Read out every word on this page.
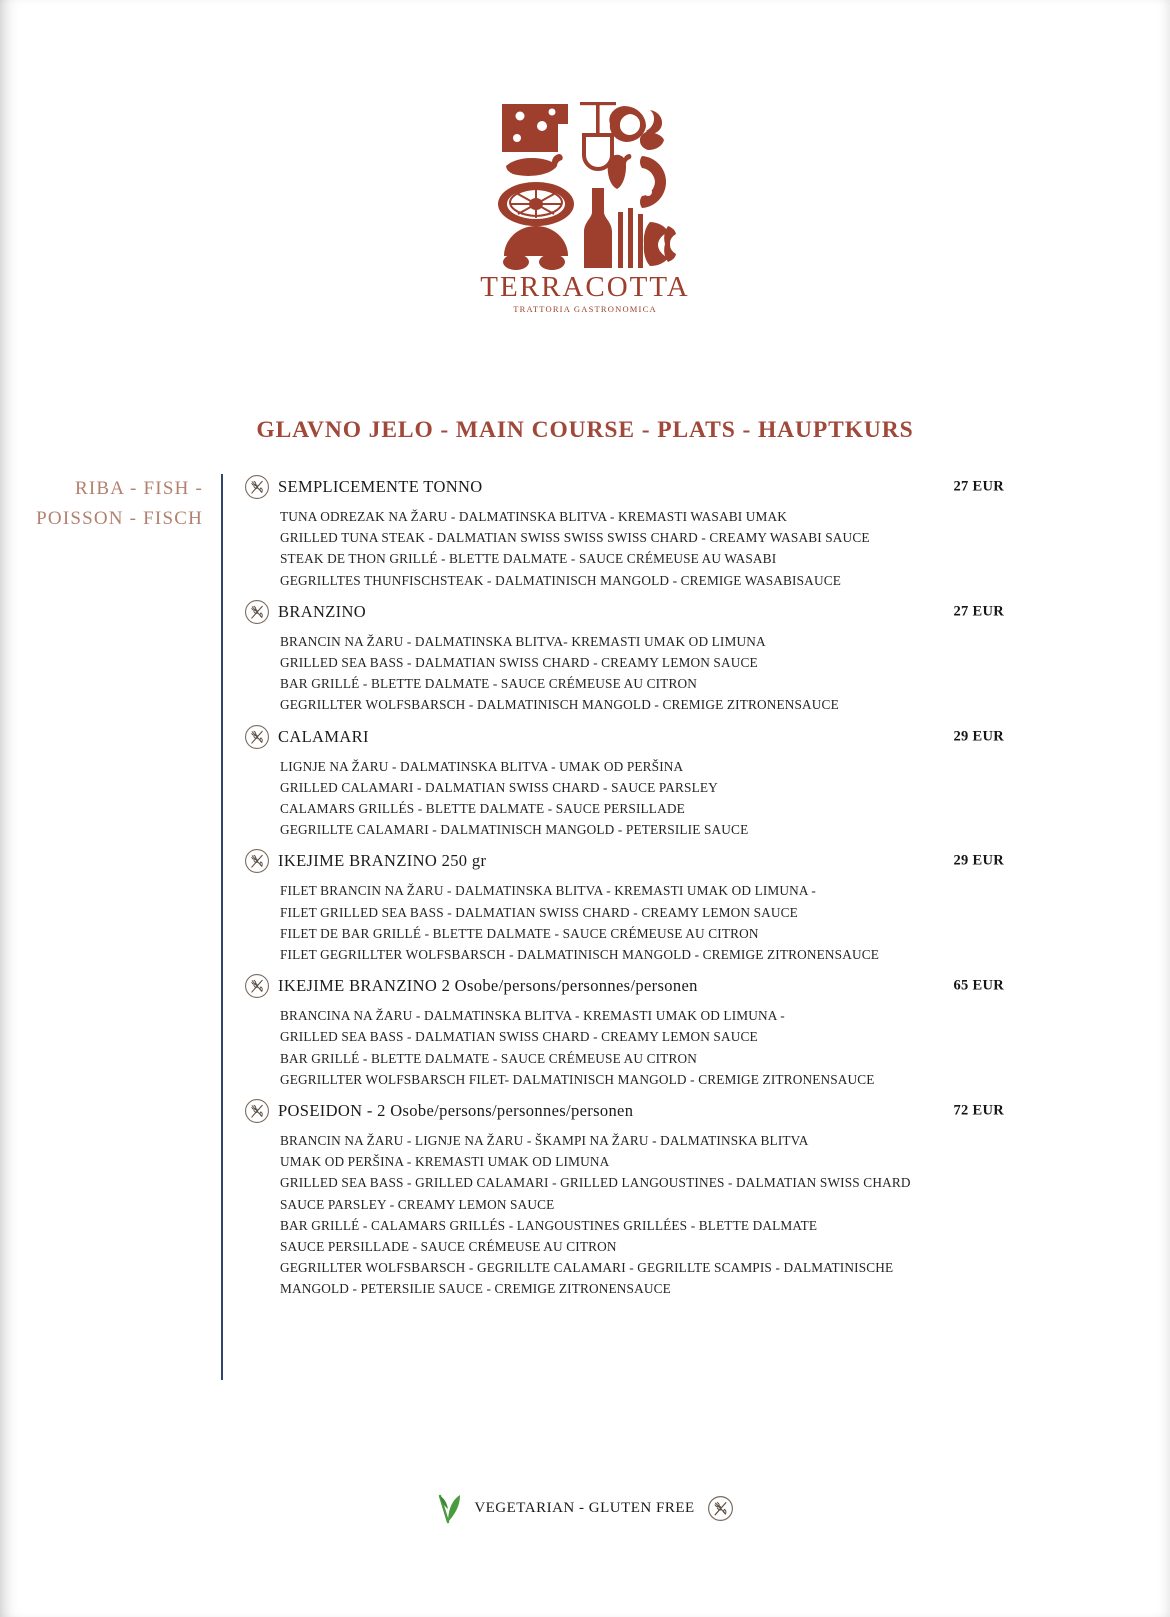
TERRACOTTA
TRATTORIA GASTRONOMICA
GLAVNO JELO - MAIN COURSE - PLATS - HAUPTKURS
RIBA - FISH -
POISSON - FISCH
SEMPLICEMENTE TONNO	27 EUR
TUNA ODREZAK NA ŽARU - DALMATINSKA BLITVA - KREMASTI WASABI UMAK
GRILLED TUNA STEAK - DALMATIAN SWISS SWISS SWISS CHARD - CREAMY WASABI SAUCE
STEAK DE THON GRILLÉ - BLETTE DALMATE - SAUCE CRÉMEUSE AU WASABI
GEGRILLTES THUNFISCHSTEAK - DALMATINISCH MANGOLD - CREMIGE WASABISAUCE
BRANZINO	27 EUR
BRANCIN NA ŽARU - DALMATINSKA BLITVA- KREMASTI UMAK OD LIMUNA
GRILLED SEA BASS - DALMATIAN SWISS CHARD - CREAMY LEMON SAUCE
BAR GRILLÉ - BLETTE DALMATE - SAUCE CRÉMEUSE AU CITRON
GEGRILLTER WOLFSBARSCH - DALMATINISCH MANGOLD - CREMIGE ZITRONENSAUCE
CALAMARI	29 EUR
LIGNJE NA ŽARU - DALMATINSKA BLITVA - UMAK OD PERŠINA
GRILLED CALAMARI - DALMATIAN SWISS CHARD - SAUCE PARSLEY
CALAMARS GRILLÉS - BLETTE DALMATE - SAUCE PERSILLADE
GEGRILLTE CALAMARI - DALMATINISCH MANGOLD - PETERSILIE SAUCE
IKEJIME BRANZINO 250 gr	29 EUR
FILET BRANCIN NA ŽARU - DALMATINSKA BLITVA - KREMASTI UMAK OD LIMUNA -
FILET GRILLED SEA BASS - DALMATIAN SWISS CHARD - CREAMY LEMON SAUCE
FILET DE BAR GRILLÉ - BLETTE DALMATE - SAUCE CRÉMEUSE AU CITRON
FILET GEGRILLTER WOLFSBARSCH - DALMATINISCH MANGOLD - CREMIGE ZITRONENSAUCE
IKEJIME BRANZINO 2 Osobe/persons/personnes/personen	65 EUR
BRANCINA NA ŽARU - DALMATINSKA BLITVA - KREMASTI UMAK OD LIMUNA -
GRILLED SEA BASS - DALMATIAN SWISS CHARD - CREAMY LEMON SAUCE
BAR GRILLÉ - BLETTE DALMATE - SAUCE CRÉMEUSE AU CITRON
GEGRILLTER WOLFSBARSCH FILET- DALMATINISCH MANGOLD - CREMIGE ZITRONENSAUCE
POSEIDON - 2 Osobe/persons/personnes/personen	72 EUR
BRANCIN NA ŽARU - LIGNJE NA ŽARU - ŠKAMPI NA ŽARU - DALMATINSKA BLITVA
UMAK OD PERŠINA - KREMASTI UMAK OD LIMUNA
GRILLED SEA BASS - GRILLED CALAMARI - GRILLED LANGOUSTINES - DALMATIAN SWISS CHARD
SAUCE PARSLEY - CREAMY LEMON SAUCE
BAR GRILLÉ - CALAMARS GRILLÉS - LANGOUSTINES GRILLÉES - BLETTE DALMATE
SAUCE PERSILLADE - SAUCE CRÉMEUSE AU CITRON
GEGRILLTER WOLFSBARSCH - GEGRILLTE CALAMARI - GEGRILLTE SCAMPIS - DALMATINISCHE
MANGOLD - PETERSILIE SAUCE - CREMIGE ZITRONENSAUCE
VEGETARIAN - GLUTEN FREE
